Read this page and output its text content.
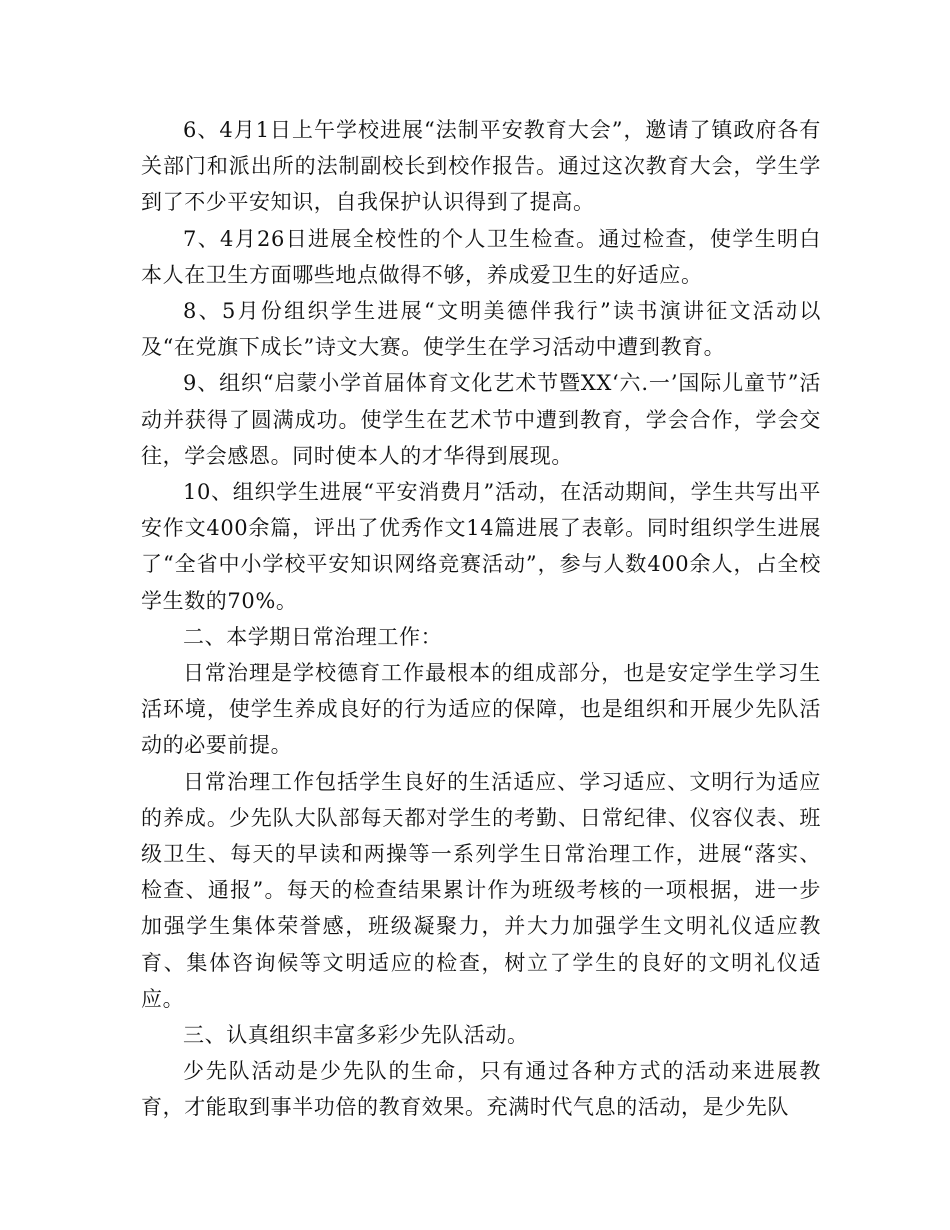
6、4月1日上午学校进展“法制平安教育大会”，邀请了镇政府各有关部门和派出所的法制副校长到校作报告。通过这次教育大会，学生学到了不少平安知识，自我保护认识得到了提高。

7、4月26日进展全校性的个人卫生检查。通过检查，使学生明白本人在卫生方面哪些地点做得不够，养成爱卫生的好适应。

8、5月份组织学生进展“文明美德伴我行”读书演讲征文活动以及“在党旗下成长”诗文大赛。使学生在学习活动中遭到教育。

9、组织“启蒙小学首届体育文化艺术节暨XX‘六.一’国际儿童节”活动并获得了圆满成功。使学生在艺术节中遭到教育，学会合作，学会交往，学会感恩。同时使本人的才华得到展现。

10、组织学生进展“平安消费月”活动，在活动期间，学生共写出平安作文400余篇，评出了优秀作文14篇进展了表彰。同时组织学生进展了“全省中小学校平安知识网络竞赛活动”，参与人数400余人，占全校学生数的70%。

二、本学期日常治理工作：

日常治理是学校德育工作最根本的组成部分，也是安定学生学习生活环境，使学生养成良好的行为适应的保障，也是组织和开展少先队活动的必要前提。

日常治理工作包括学生良好的生活适应、学习适应、文明行为适应的养成。少先队大队部每天都对学生的考勤、日常纪律、仪容仪表、班级卫生、每天的早读和两操等一系列学生日常治理工作，进展“落实、检查、通报”。每天的检查结果累计作为班级考核的一项根据，进一步加强学生集体荣誉感，班级凝聚力，并大力加强学生文明礼仪适应教育、集体咨询候等文明适应的检查，树立了学生的良好的文明礼仪适应。

三、认真组织丰富多彩少先队活动。

少先队活动是少先队的生命，只有通过各种方式的活动来进展教育，才能取到事半功倍的教育效果。充满时代气息的活动，是少先队
